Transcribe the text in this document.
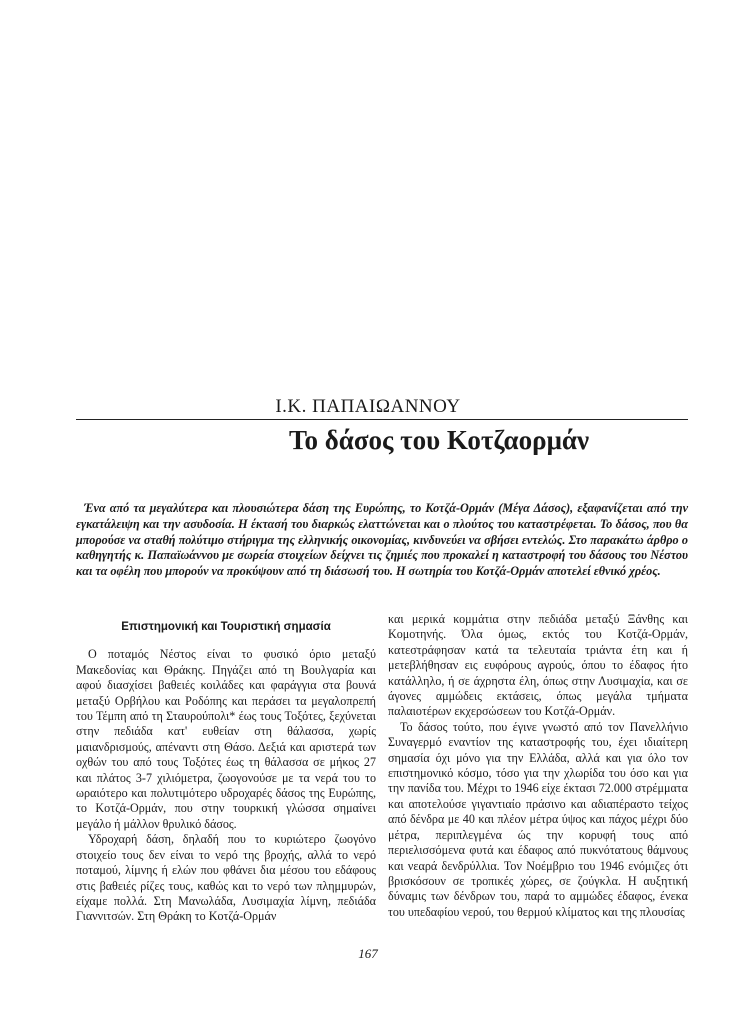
Ι.Κ. ΠΑΠΑΙΩΑΝΝΟΥ
Το δάσος του Κοτζαορμάν

Ένα από τα μεγαλύτερα και πλουσιώτερα δάση της Ευρώπης, το Κοτζά-Ορμάν (Μέγα Δάσος), εξαφανίζεται από την εγκατάλειψη και την ασυδοσία. Η έκτασή του διαρκώς ελαττώνεται και ο πλούτος του καταστρέφεται. Το δάσος, που θα μπορούσε να σταθή πολύτιμο στήριγμα της ελληνικής οικονομίας, κινδυνεύει να σβήσει εντελώς. Στο παρακάτω άρθρο ο καθηγητής κ. Παπαϊωάννου με σωρεία στοιχείων δείχνει τις ζημιές που προκαλεί η καταστροφή του δάσους του Νέστου και τα οφέλη που μπορούν να προκύψουν από τη διάσωσή του. Η σωτηρία του Κοτζά-Ορμάν αποτελεί εθνικό χρέος.

Επιστημονική και Τουριστική σημασία

Ο ποταμός Νέστος είναι το φυσικό όριο μεταξύ Μακεδονίας και Θράκης. Πηγάζει από τη Βουλγαρία και αφού διασχίσει βαθειές κοιλάδες και φαράγγια στα βουνά μεταξύ Ορβήλου και Ροδόπης και περάσει τα μεγαλοπρεπή του Τέμπη από τη Σταυρούπολι* έως τους Τοξότες, ξεχύνεται στην πεδιάδα κατ' ευθείαν στη θάλασσα, χωρίς μαιανδρισμούς, απέναντι στη Θάσο. Δεξιά και αριστερά των οχθών του από τους Τοξότες έως τη θάλασσα σε μήκος 27 και πλάτος 3-7 χιλιόμετρα, ζωογονούσε με τα νερά του το ωραιότερο και πολυτιμότερο υδροχαρές δάσος της Ευρώπης, το Κοτζά-Ορμάν, που στην τουρκική γλώσσα σημαίνει μεγάλο ή μάλλον θρυλικό δάσος.

Υδροχαρή δάση, δηλαδή που το κυριώτερο ζωογόνο στοιχείο τους δεν είναι το νερό της βροχής, αλλά το νερό ποταμού, λίμνης ή ελών που φθάνει δια μέσου του εδάφους στις βαθειές ρίζες τους, καθώς και το νερό των πλημμυρών, είχαμε πολλά. Στη Μανωλάδα, Λυσιμαχία λίμνη, πεδιάδα Γιαννιτσών. Στη Θράκη το Κοτζά-Ορμάν

και μερικά κομμάτια στην πεδιάδα μεταξύ Ξάνθης και Κομοτηνής. Όλα όμως, εκτός του Κοτζά-Ορμάν, κατεστράφησαν κατά τα τελευταία τριάντα έτη και ή μετεβλήθησαν εις ευφόρους αγρούς, όπου το έδαφος ήτο κατάλληλο, ή σε άχρηστα έλη, όπως στην Λυσιμαχία, και σε άγονες αμμώδεις εκτάσεις, όπως μεγάλα τμήματα παλαιοτέρων εκχερσώσεων του Κοτζά-Ορμάν.

Το δάσος τούτο, που έγινε γνωστό από τον Πανελλήνιο Συναγερμό εναντίον της καταστροφής του, έχει ιδιαίτερη σημασία όχι μόνο για την Ελλάδα, αλλά και για όλο τον επιστημονικό κόσμο, τόσο για την χλωρίδα του όσο και για την πανίδα του. Μέχρι το 1946 είχε έκτασι 72.000 στρέμματα και αποτελούσε γιγαντιαίο πράσινο και αδιαπέραστο τείχος από δένδρα με 40 και πλέον μέτρα ύψος και πάχος μέχρι δύο μέτρα, περιπλεγμένα ώς την κορυφή τους από περιελισσόμενα φυτά και έδαφος από πυκνότατους θάμνους και νεαρά δενδρύλλια. Τον Νοέμβριο του 1946 ενόμιζες ότι βρισκόσουν σε τροπικές χώρες, σε ζούγκλα. Η αυξητική δύναμις των δένδρων του, παρά το αμμώδες έδαφος, ένεκα του υπεδαφίου νερού, του θερμού κλίματος και της πλουσίας

167
